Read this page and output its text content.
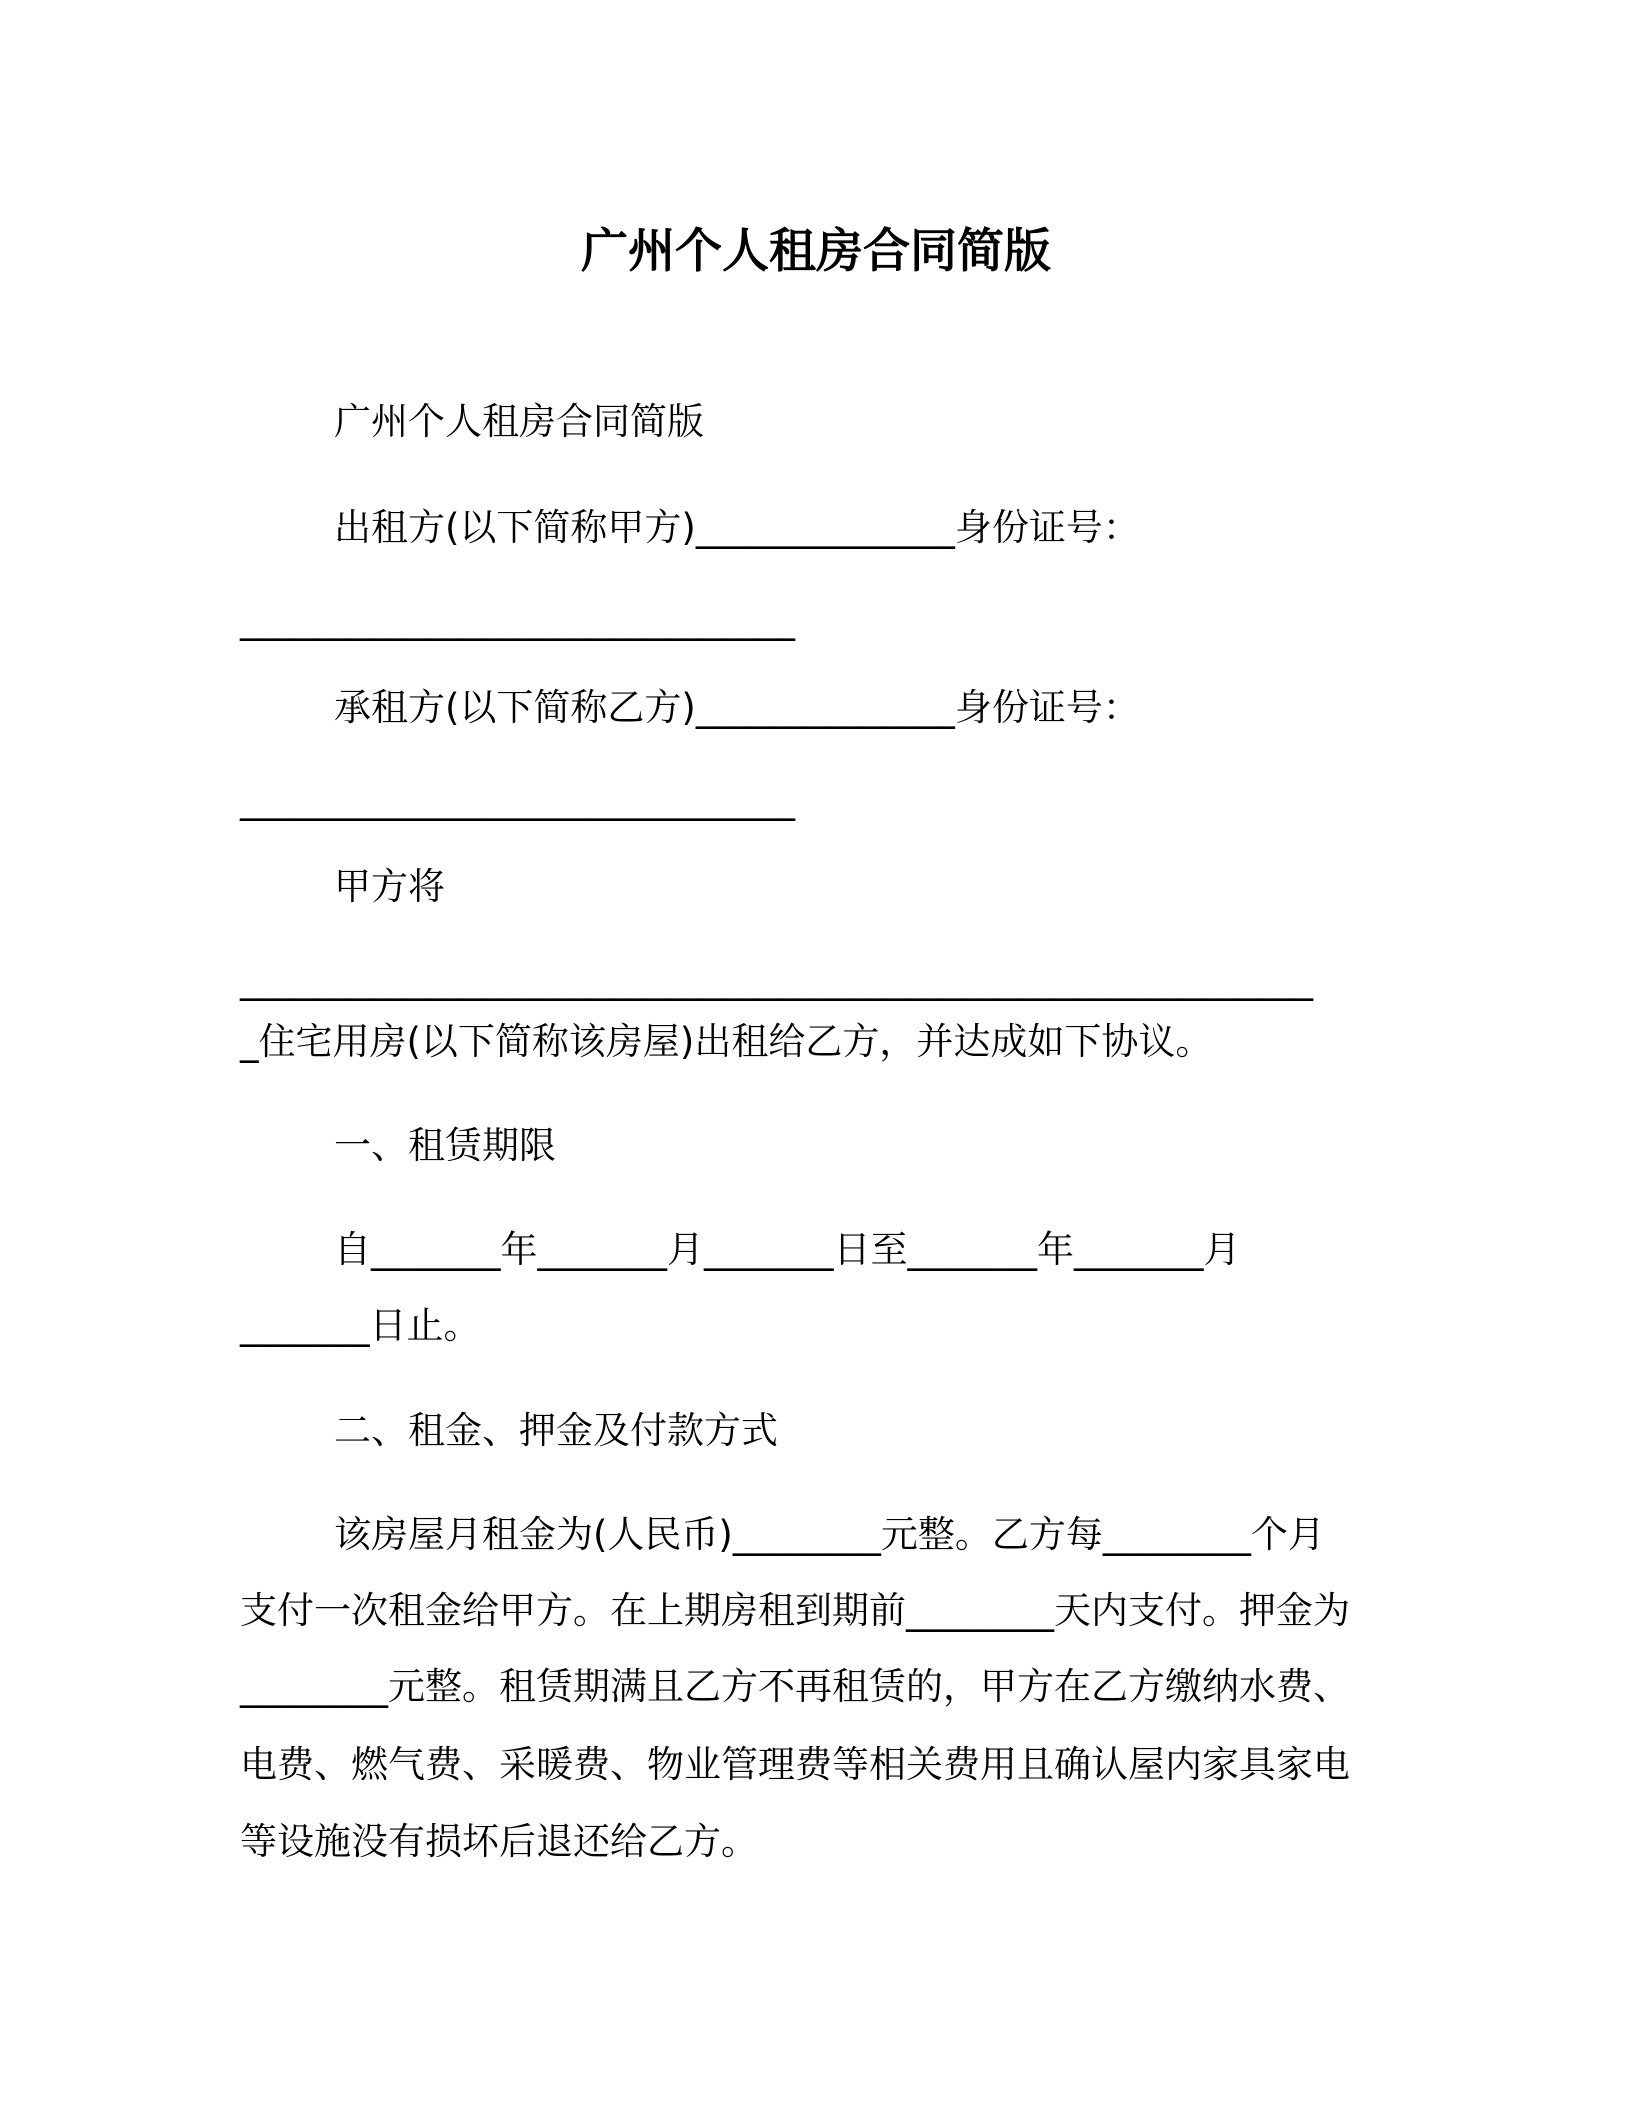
广州个人租房合同简版
广州个人租房合同简版
出租方(以下简称甲方)______________身份证号：
______________________________
承租方(以下简称乙方)______________身份证号：
______________________________
甲方将
__________________________________________________________
_住宅用房(以下简称该房屋)出租给乙方，并达成如下协议。
一、租赁期限
自_______年_______月_______日至_______年_______月
_______日止。
二、租金、押金及付款方式
该房屋月租金为(人民币)________元整。乙方每________个月
支付一次租金给甲方。在上期房租到期前________天内支付。押金为
________元整。租赁期满且乙方不再租赁的，甲方在乙方缴纳水费、
电费、燃气费、采暖费、物业管理费等相关费用且确认屋内家具家电
等设施没有损坏后退还给乙方。
